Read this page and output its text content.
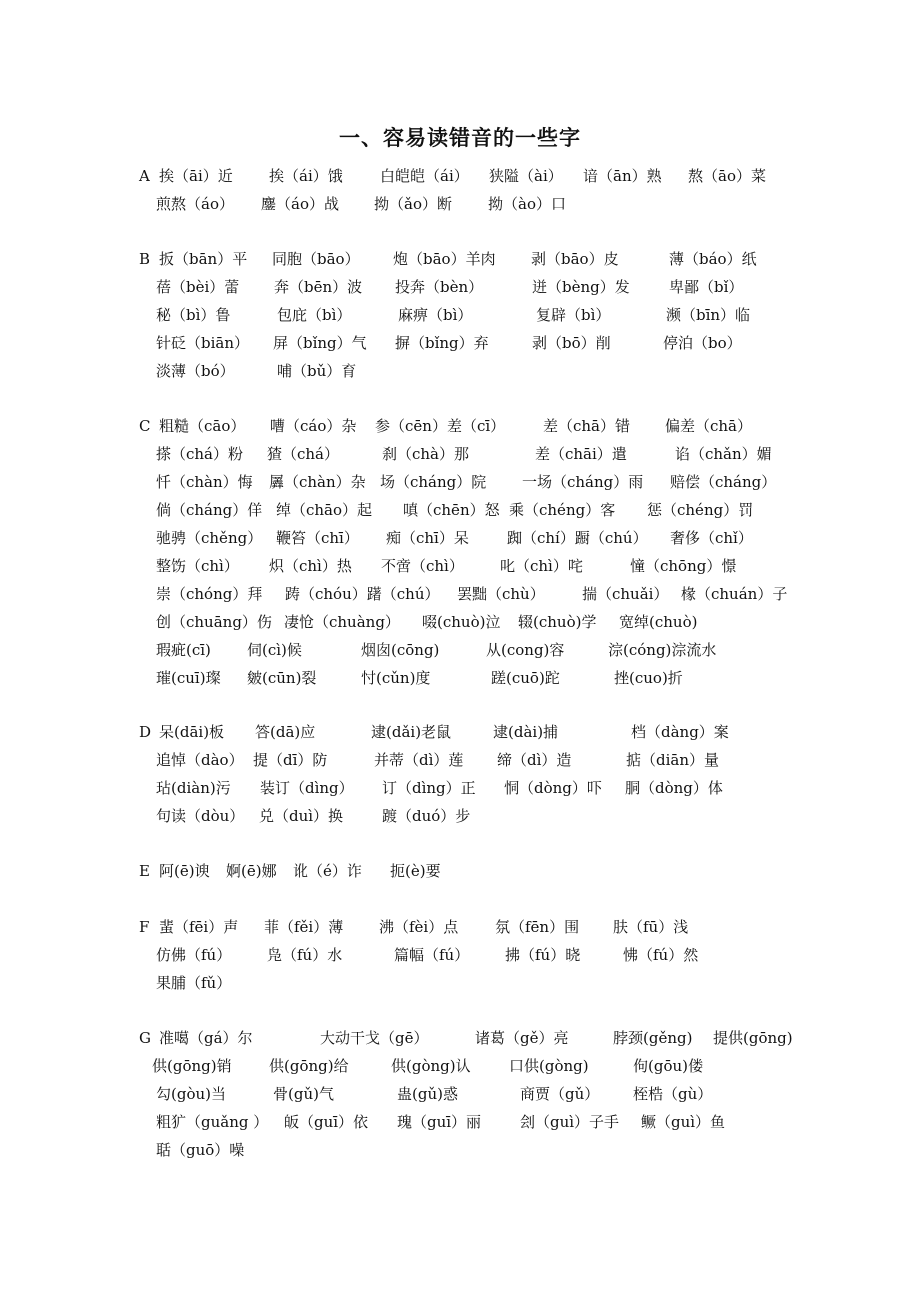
一、容易读错音的一些字
A 挨（āi）近 挨（ái）饿 白皑皑（ái） 狭隘（ài） 谙（ān）熟 熬（āo）菜
煎熬（áo） 鏖（áo）战 拗（ǎo）断 拗（ào）口
B 扳（bān）平 同胞（bāo） 炮（bāo）羊肉 剥（bāo）皮	薄（báo）纸
蓓（bèi）蕾 奔（bēn）波 投奔（bèn）	迸（bèng）发	卑鄙（bǐ）
秘（bì）鲁	包庇（bì）	麻痹（bì）	复辟（bì）	濒（bīn）临
针砭（biān） 屏（bǐng）气 摒（bǐng）弃	剥（bō）削	停泊（bo）
淡薄（bó）	哺（bǔ）育
C 粗糙（cāo） 嘈（cáo）杂 参（cēn）差（cī）	差（chā）错 偏差（chā）
搽（chá）粉 猹（chá）	刹（chà）那	差（chāi）遣	谄（chǎn）媚
忏（chàn）悔 羼（chàn）杂 场（cháng）院 一场（cháng）雨 赔偿（cháng）
倘（cháng）佯 绰（chāo）起 嗔（chēn）怒 乘（chéng）客 惩（chéng）罚
驰骋（chěng） 鞭笞（chī） 痴（chī）呆	踟（chí）蹰（chú） 奢侈（chǐ）
整饬（chì） 炽（chì）热 不啻（chì） 叱（chì）咤	憧（chōng）憬
崇（chóng）拜 踌（chóu）躇（chú） 罢黜（chù） 揣（chuǎi） 椽（chuán）子
创（chuāng）伤 凄怆（chuàng） 啜(chuò)泣 辍(chuò)学 宽绰(chuò)
瑕疵(cī) 伺(cì)候	烟囱(cōng)	从(cong)容	淙(cóng)淙流水
璀(cuī)璨 皴(cūn)裂	忖(cǔn)度	蹉(cuō)跎	挫(cuo)折
D 呆(dāi)板 答(dā)应	逮(dǎi)老鼠	逮(dài)捕	档（dàng）案
追悼（dào） 提（dī）防	并蒂（dì）莲 缔（dì）造	掂（diān）量
玷(diàn)污 装订（dìng） 订（dìng）正 恫（dòng）吓 胴（dòng）体
句读（dòu） 兑（duì）换	踱（duó）步
E 阿(ē)谀 婀(ē)娜 讹（é）诈 扼(è)要
F 蜚（fēi）声 菲（fěi）薄 沸（fèi）点 氛（fēn）围 肤（fū）浅
仿佛（fú） 凫（fú）水	篇幅（fú） 拂（fú）晓	怫（fú）然
果脯（fǔ）
G 准噶（gá）尔	大动干戈（gē）	诸葛（gě）亮	脖颈(gěng) 提供(gōng)
供(gōng)销 供(gōng)给	供(gòng)认	口供(gòng)	佝(gōu)偻
勾(gòu)当	骨(gǔ)气	蛊(gǔ)惑	商贾（gǔ） 桎梏（gù）
粗犷（guǎng ） 皈（guī）依 瑰（guī）丽	刽（guì）子手 鳜（guì）鱼
聒（guō）噪
